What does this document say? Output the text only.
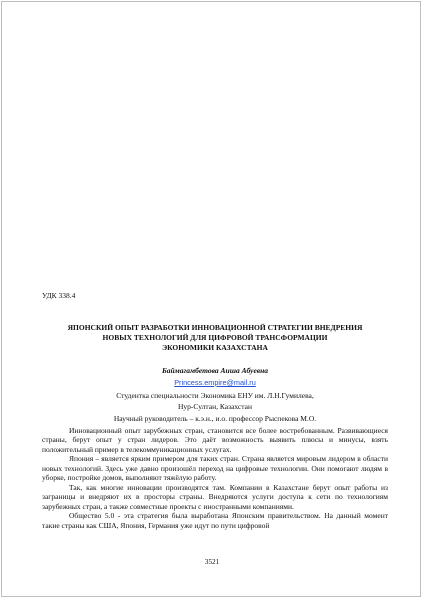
УДК 338.4
ЯПОНСКИЙ ОПЫТ РАЗРАБОТКИ ИННОВАЦИОННОЙ СТРАТЕГИИ ВНЕДРЕНИЯ
НОВЫХ ТЕХНОЛОГИЙ ДЛЯ ЦИФРОВОЙ ТРАНСФОРМАЦИИ
ЭКОНОМИКИ КАЗАХСТАНА
Баймагамбетова Аиша Абуевна
Princess.empire@mail.ru
Студентка специальности Экономика ЕНУ им. Л.Н.Гумилева,
Нур-Султан, Казахстан
Научный руководитель – к.э.н., и.о. профессор Рыспекова М.О.

Инновационный опыт зарубежных стран, становится все более востребованным. Развивающиеся страны, берут опыт у стран лидеров. Это даёт возможность выявить плюсы и минусы, взять положительный пример в телекоммуникационных услугах.

Япония – является ярким примером для таких стран. Страна является мировым лидером в области новых технологий. Здесь уже давно произошёл переход на цифровые технологии. Они помогают людям в уборке, постройке домов, выполняют тяжёлую работу.

Так, как многие инновации производятся там. Компании в Казахстане берут опыт работы из заграницы и внедряют их в просторы страны. Внедряются услуги доступа к сети по технологиям зарубежных стран, а также совместные проекты с иностранными компаниями.

Общество 5.0 - эта стратегия была выработана Японским правительством. На данный момент такие страны как США, Япония, Германия уже идут по пути цифровой

3521
